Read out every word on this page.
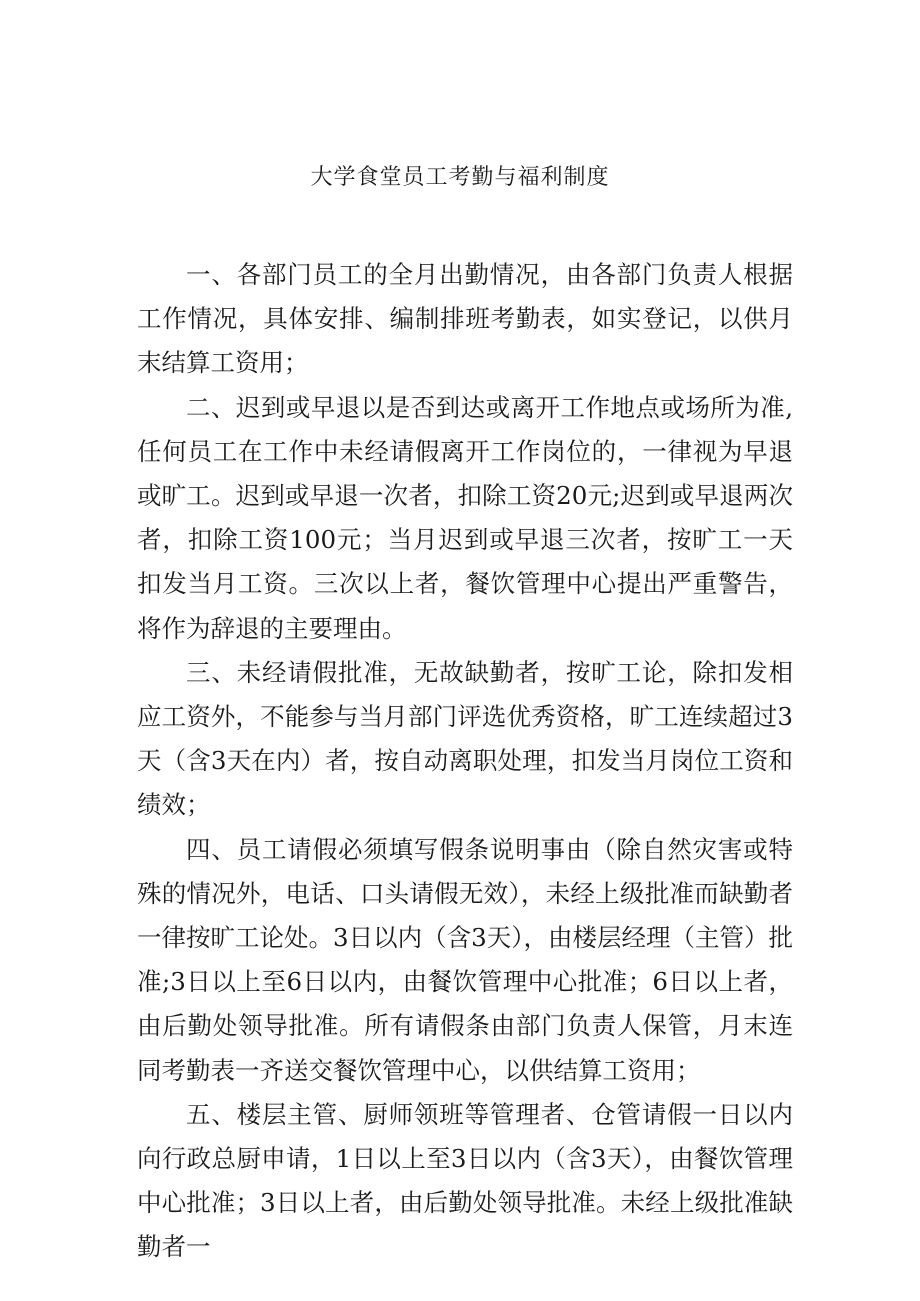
大学食堂员工考勤与福利制度

一、各部门员工的全月出勤情况，由各部门负责人根据工作情况，具体安排、编制排班考勤表，如实登记，以供月末结算工资用；

二、迟到或早退以是否到达或离开工作地点或场所为准,任何员工在工作中未经请假离开工作岗位的，一律视为早退或旷工。迟到或早退一次者，扣除工资20元;迟到或早退两次者，扣除工资100元；当月迟到或早退三次者，按旷工一天扣发当月工资。三次以上者，餐饮管理中心提出严重警告，将作为辞退的主要理由。

三、未经请假批准，无故缺勤者，按旷工论，除扣发相应工资外，不能参与当月部门评选优秀资格，旷工连续超过3天（含3天在内）者，按自动离职处理，扣发当月岗位工资和绩效；

四、员工请假必须填写假条说明事由（除自然灾害或特殊的情况外，电话、口头请假无效），未经上级批准而缺勤者一律按旷工论处。3日以内（含3天），由楼层经理（主管）批准;3日以上至6日以内，由餐饮管理中心批准；6日以上者，由后勤处领导批准。所有请假条由部门负责人保管，月末连同考勤表一齐送交餐饮管理中心，以供结算工资用；

五、楼层主管、厨师领班等管理者、仓管请假一日以内向行政总厨申请，1日以上至3日以内（含3天），由餐饮管理中心批准；3日以上者，由后勤处领导批准。未经上级批准缺勤者一
